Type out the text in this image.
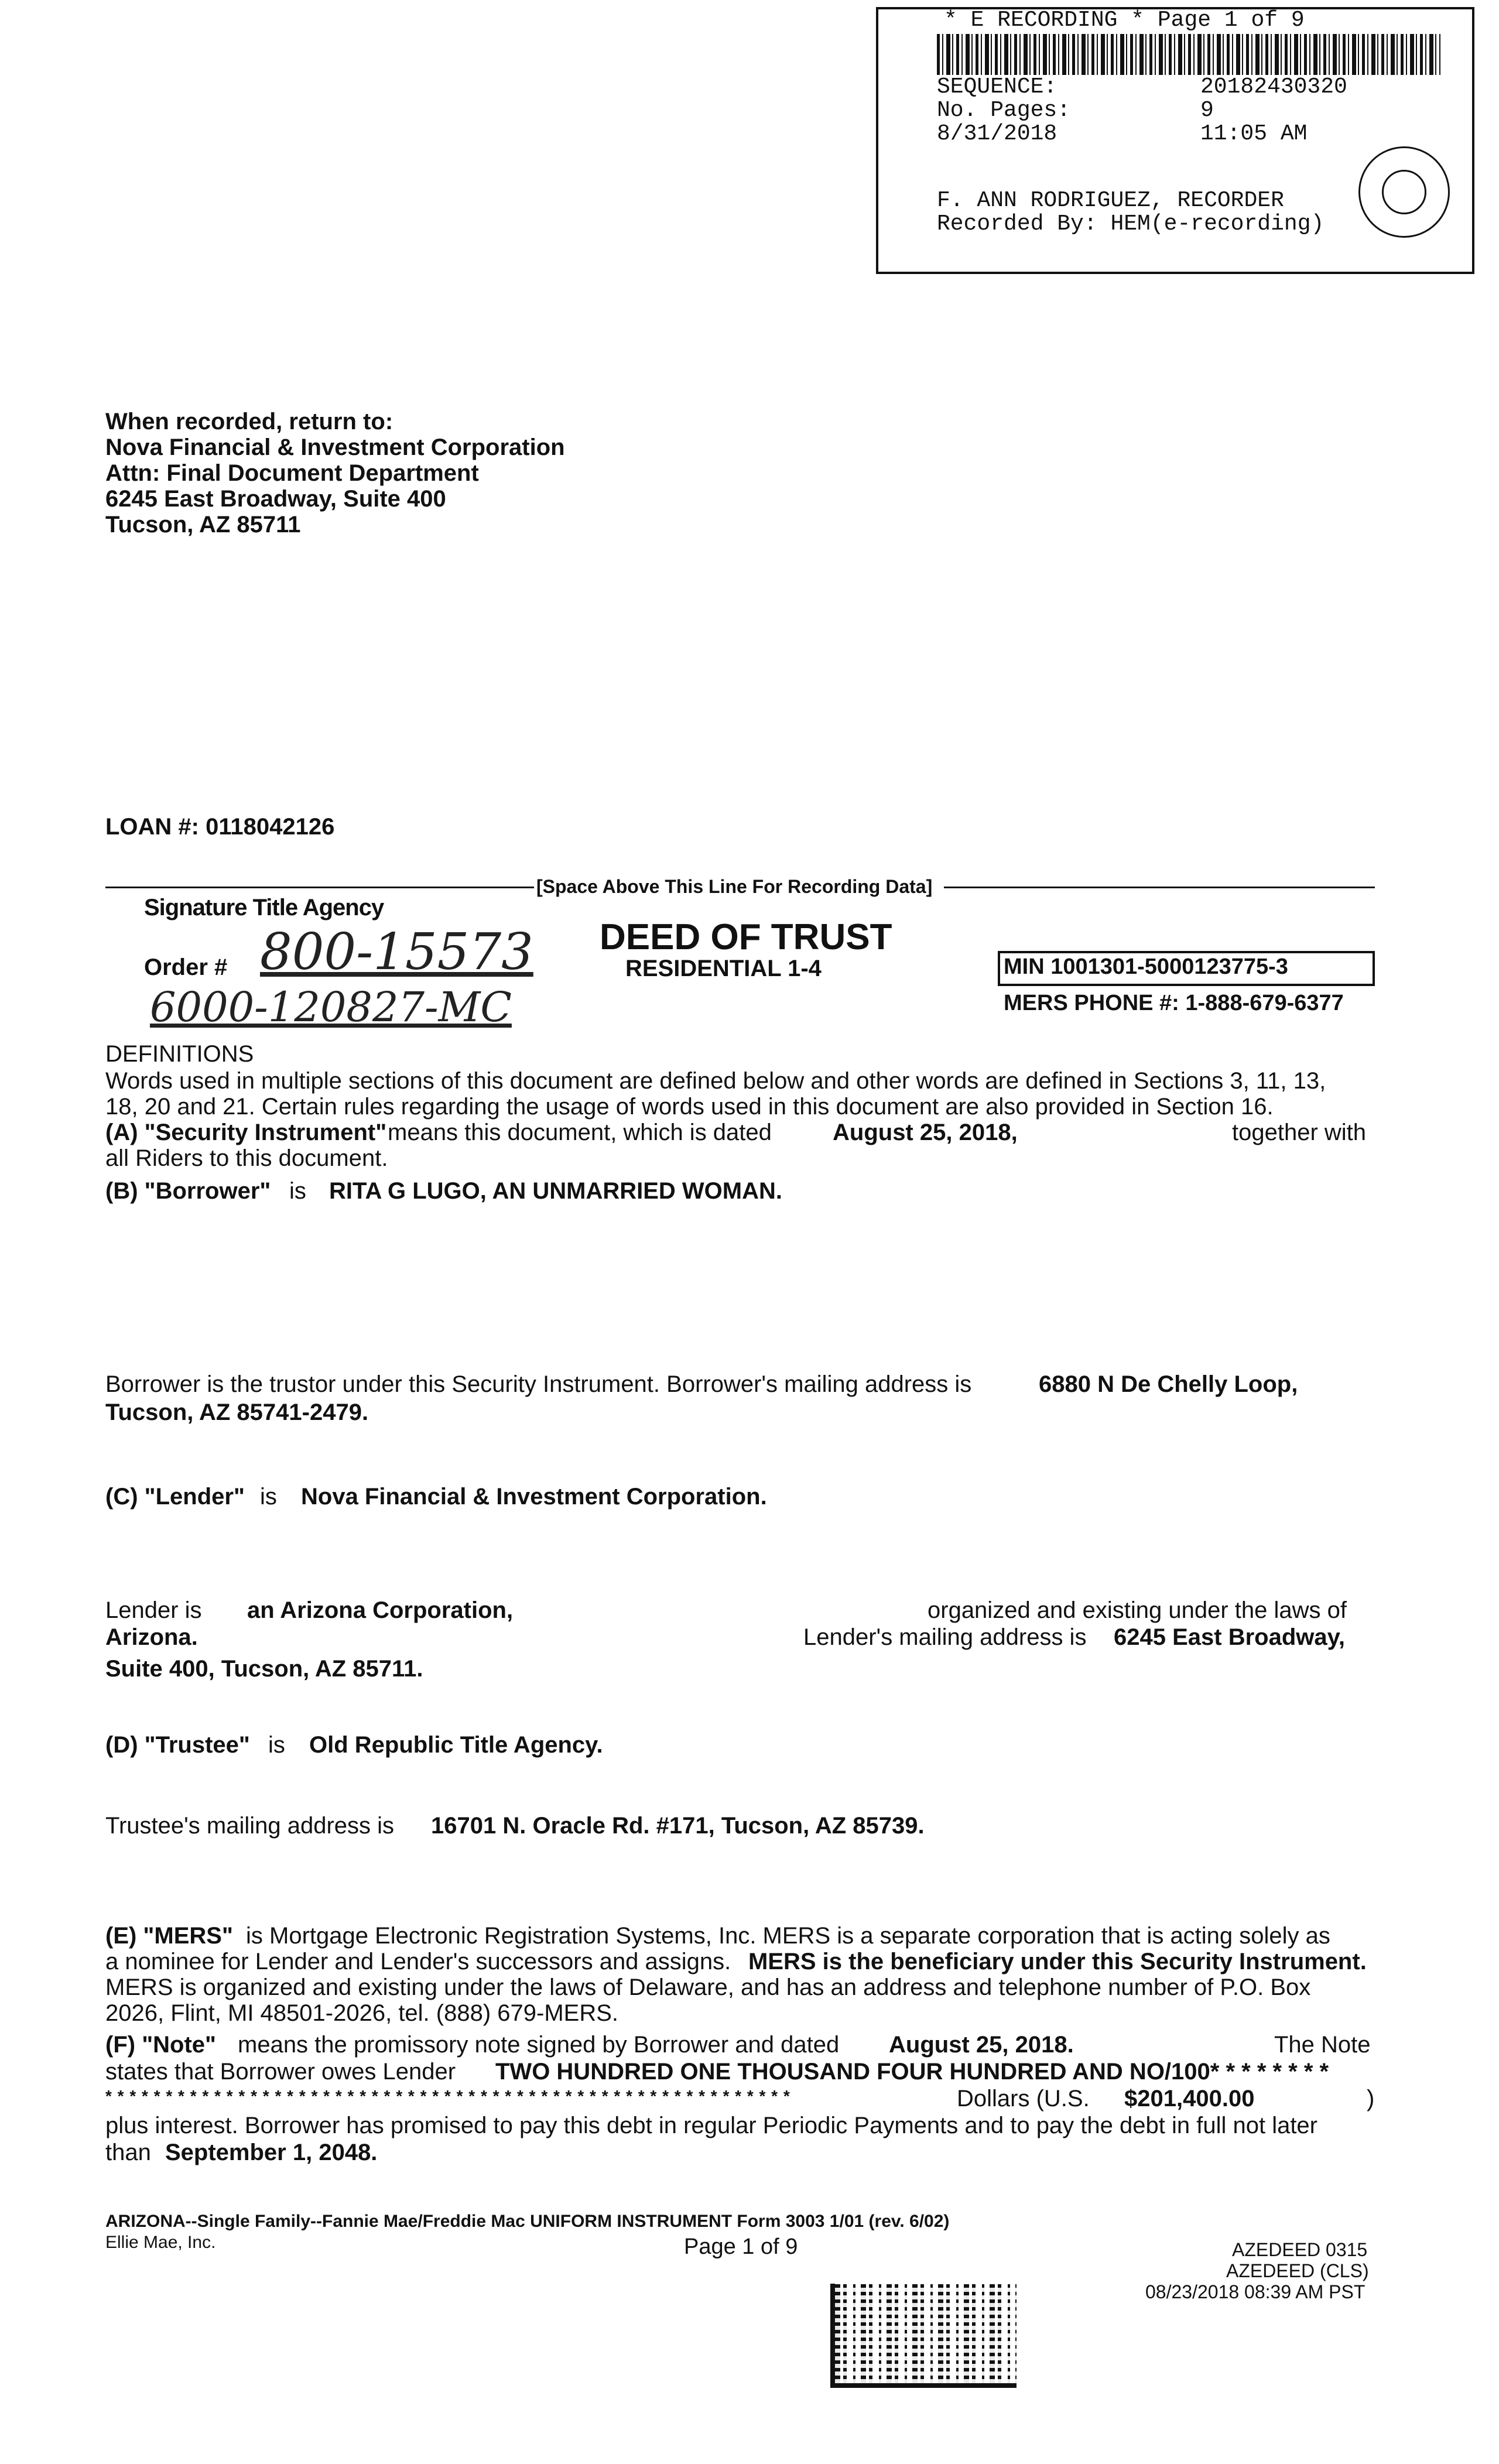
* E RECORDING * Page 1 of 9
SEQUENCE:	20182430320
No. Pages:	9
8/31/2018	11:05 AM
F. ANN RODRIGUEZ, RECORDER
Recorded By: HEM(e-recording)
When recorded, return to:
Nova Financial & Investment Corporation
Attn: Final Document Department
6245 East Broadway, Suite 400
Tucson, AZ 85711
LOAN #: 0118042126
[Space Above This Line For Recording Data]
Signature Title Agency
Order # 800-15573
6000-120827-MC
DEED OF TRUST
RESIDENTIAL 1-4	MIN 1001301-5000123775-3
MERS PHONE #: 1-888-679-6377
DEFINITIONS
Words used in multiple sections of this document are defined below and other words are defined in Sections 3, 11, 13,
18, 20 and 21. Certain rules regarding the usage of words used in this document are also provided in Section 16.
(A) "Security Instrument" means this document, which is dated	August 25, 2018,	together with
all Riders to this document.
(B) "Borrower" is RITA G LUGO, AN UNMARRIED WOMAN.
Borrower is the trustor under this Security Instrument. Borrower's mailing address is	6880 N De Chelly Loop,
Tucson, AZ 85741-2479.
(C) "Lender" is Nova Financial & Investment Corporation.
Lender is an Arizona Corporation,	organized and existing under the laws of
Arizona.	Lender's mailing address is 6245 East Broadway,
Suite 400, Tucson, AZ 85711.
(D) "Trustee" is Old Republic Title Agency.
Trustee's mailing address is 16701 N. Oracle Rd. #171, Tucson, AZ 85739.
(E) "MERS" is Mortgage Electronic Registration Systems, Inc. MERS is a separate corporation that is acting solely as
a nominee for Lender and Lender's successors and assigns. MERS is the beneficiary under this Security Instrument.
MERS is organized and existing under the laws of Delaware, and has an address and telephone number of P.O. Box
2026, Flint, MI 48501-2026, tel. (888) 679-MERS.
(F) "Note" means the promissory note signed by Borrower and dated August 25, 2018.	The Note
states that Borrower owes Lender TWO HUNDRED ONE THOUSAND FOUR HUNDRED AND NO/100* * * * * * * *
* * * * * * * * * * * * * * * * * * * * * * * * * * * * * * * * * * * * * * * * * * * * * * * * * * * * * * * * *	Dollars (U.S. $201,400.00	)
plus interest. Borrower has promised to pay this debt in regular Periodic Payments and to pay the debt in full not later
than September 1, 2048.
ARIZONA--Single Family--Fannie Mae/Freddie Mac UNIFORM INSTRUMENT Form 3003 1/01 (rev. 6/02)
Ellie Mae, Inc.	Page 1 of 9	AZEDEED 0315
AZEDEED (CLS)
08/23/2018 08:39 AM PST
